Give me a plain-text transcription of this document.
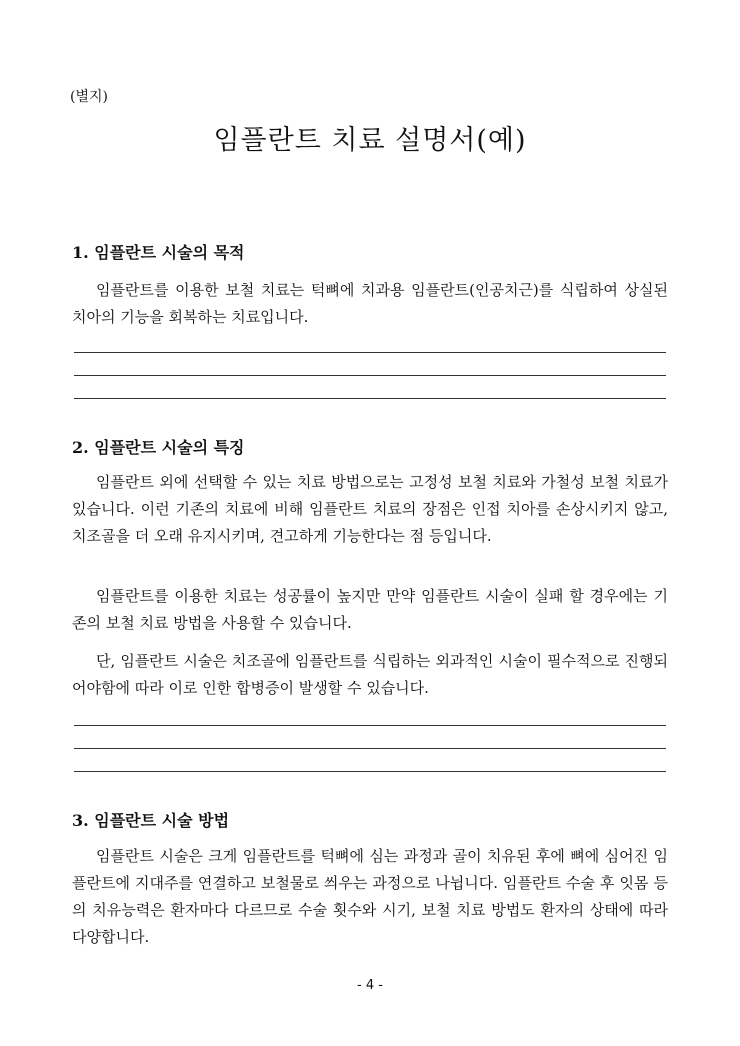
(별지)
임플란트 치료 설명서(예)
1. 임플란트 시술의 목적
임플란트를 이용한 보철 치료는 턱뼈에 치과용 임플란트(인공치근)를 식립하여 상실된 치아의 기능을 회복하는 치료입니다.
2. 임플란트 시술의 특징
임플란트 외에 선택할 수 있는 치료 방법으로는 고정성 보철 치료와 가철성 보철 치료가 있습니다. 이런 기존의 치료에 비해 임플란트 치료의 장점은 인접 치아를 손상시키지 않고, 치조골을 더 오래 유지시키며, 견고하게 기능한다는 점 등입니다.
임플란트를 이용한 치료는 성공률이 높지만 만약 임플란트 시술이 실패 할 경우에는 기존의 보철 치료 방법을 사용할 수 있습니다.
단, 임플란트 시술은 치조골에 임플란트를 식립하는 외과적인 시술이 필수적으로 진행되어야함에 따라 이로 인한 합병증이 발생할 수 있습니다.
3. 임플란트 시술 방법
임플란트 시술은 크게 임플란트를 턱뼈에 심는 과정과 골이 치유된 후에 뼈에 심어진 임플란트에 지대주를 연결하고 보철물로 씌우는 과정으로 나뉩니다. 임플란트 수술 후 잇몸 등의 치유능력은 환자마다 다르므로 수술 횟수와 시기, 보철 치료 방법도 환자의 상태에 따라 다양합니다.
- 4 -
